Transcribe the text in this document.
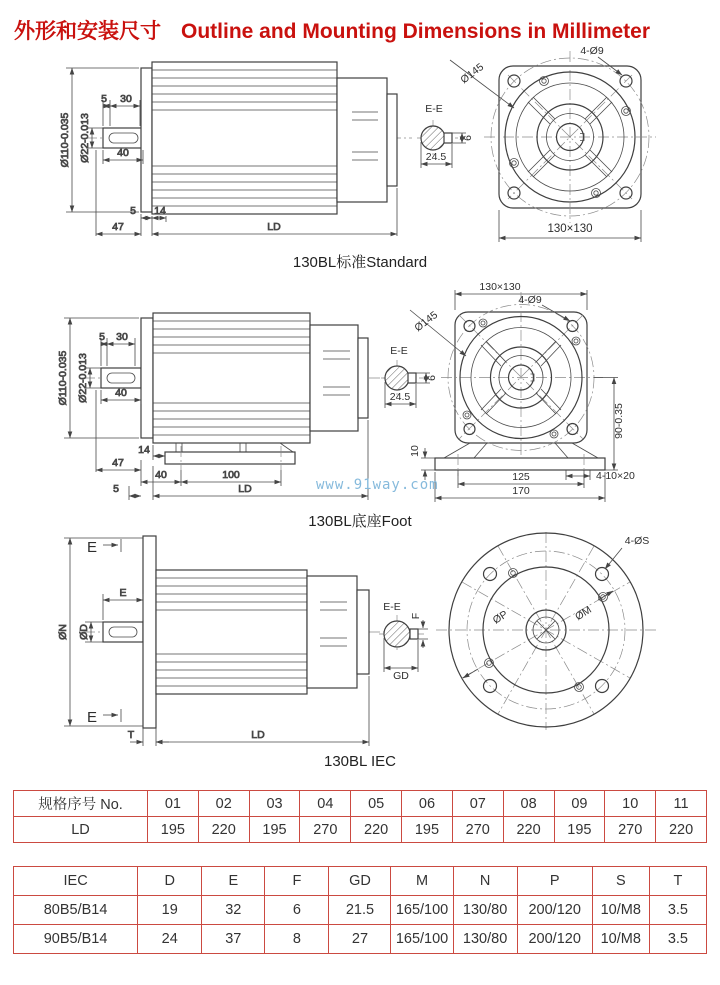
外形和安装尺寸 Outline and Mounting Dimensions in Millimeter
5 30
Ø110-0.035 Ø22-0.013 40
5 14
47	LD
E-E
24.5
6
4-Ø9
Ø145
130×130
130BL标准Standard
5 30
Ø110-0.035 Ø22-0.013 40
14
47
40	100
LD
5
E-E
24.5
6
130×130
4-Ø9
Ø145
90-0.35
10
125
170
4-10×20
www.91way.com
130BL底座Foot
E
E
E
ØN ØD
T	LD
E-E
F
GD
4-ØS
ØP	ØM
130BL IEC
规格序号 No.	01	02	03	04	05	06	07	08	09	10	11
LD	195	220	195	270	220	195	270	220	195	270	220
IEC	D	E	F	GD	M	N	P	S	T
80B5/B14	19	32	6	21.5	165/100	130/80	200/120	10/M8	3.5
90B5/B14	24	37	8	27	165/100	130/80	200/120	10/M8	3.5
